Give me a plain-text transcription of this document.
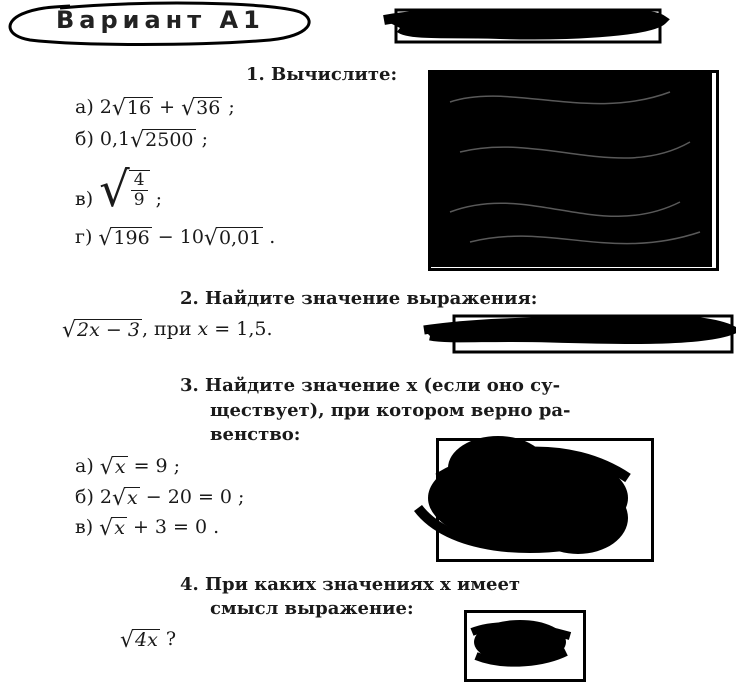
Вариант А1
1. Вычислите:
а) 2 √ 16 + √ 36 ;
б) 0,1 √ 2500 ;
в) √ $\frac{4}{9}$ ;
г) √ 196 − 10 √ 0,01 .
2. Найдите значение выражения:
√ 2x − 3 , при x = 1,5.
3. Найдите значение x (если оно су-
ществует), при котором верно ра-
венство:
а) √ x = 9 ;
б) 2 √ x − 20 = 0 ;
в) √ x + 3 = 0 .
4. При каких значениях x имеет
смысл выражение:
√ 4x ?
